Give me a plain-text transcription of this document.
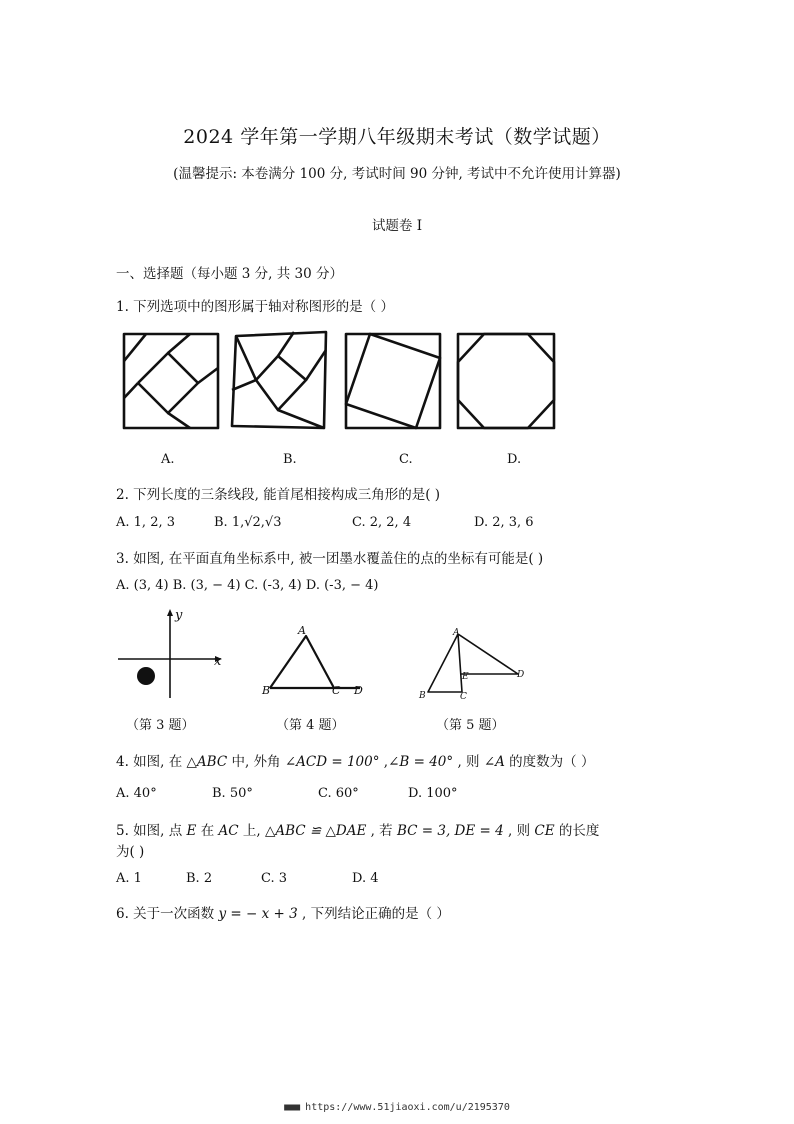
2024 学年第一学期八年级期末考试（数学试题）
(温馨提示: 本卷满分 100 分, 考试时间 90 分钟, 考试中不允许使用计算器)
试题卷 I
一、选择题（每小题 3 分, 共 30 分）
1. 下列选项中的图形属于轴对称图形的是（ ）
A.	B.	C.	D.
2. 下列长度的三条线段, 能首尾相接构成三角形的是( )
A. 1, 2, 3	B. 1,√2,√3	C. 2, 2, 4	D. 2, 3, 6
3. 如图, 在平面直角坐标系中, 被一团墨水覆盖住的点的坐标有可能是( )
A. (3, 4) B. (3, − 4) C. (-3, 4) D. (-3, − 4)
y
x
A
B	C D
A
B	C
D
E
（第 3 题）	（第 4 题）	（第 5 题）
4. 如图, 在 △ABC 中, 外角 ∠ACD = 100° ,∠B = 40° , 则 ∠A 的度数为（ ）
A. 40°	B. 50°	C. 60°	D. 100°
5. 如图, 点 E 在 AC 上, △ABC ≌ △DAE , 若 BC = 3, DE = 4 , 则 CE 的长度
为( )
A. 1	B. 2	C. 3	D. 4
6. 关于一次函数 y = − x + 3 , 下列结论正确的是（ ）
■■■ https://www.51jiaoxi.com/u/2195370
